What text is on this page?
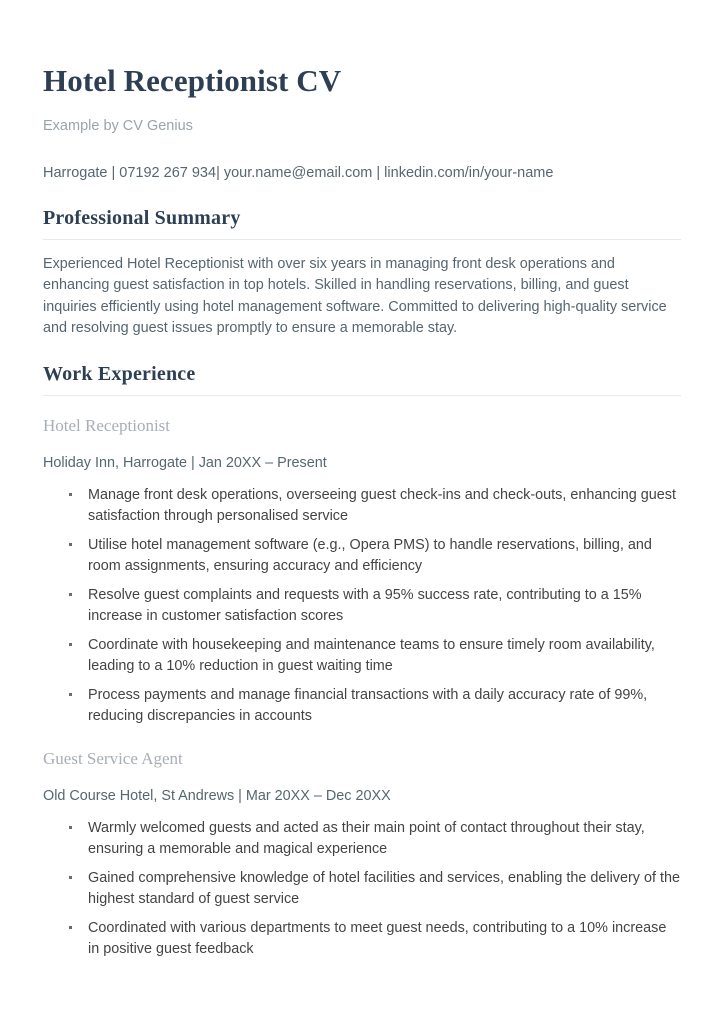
Hotel Receptionist CV
Example by CV Genius
Harrogate | 07192 267 934| your.name@email.com | linkedin.com/in/your-name
Professional Summary

Experienced Hotel Receptionist with over six years in managing front desk operations and enhancing guest satisfaction in top hotels. Skilled in handling reservations, billing, and guest inquiries efficiently using hotel management software. Committed to delivering high-quality service and resolving guest issues promptly to ensure a memorable stay.

Work Experience
Hotel Receptionist
Holiday Inn, Harrogate | Jan 20XX – Present
Manage front desk operations, overseeing guest check-ins and check-outs, enhancing guest satisfaction through personalised service
Utilise hotel management software (e.g., Opera PMS) to handle reservations, billing, and room assignments, ensuring accuracy and efficiency
Resolve guest complaints and requests with a 95% success rate, contributing to a 15% increase in customer satisfaction scores
Coordinate with housekeeping and maintenance teams to ensure timely room availability, leading to a 10% reduction in guest waiting time
Process payments and manage financial transactions with a daily accuracy rate of 99%, reducing discrepancies in accounts
Guest Service Agent
Old Course Hotel, St Andrews | Mar 20XX – Dec 20XX
Warmly welcomed guests and acted as their main point of contact throughout their stay, ensuring a memorable and magical experience
Gained comprehensive knowledge of hotel facilities and services, enabling the delivery of the highest standard of guest service
Coordinated with various departments to meet guest needs, contributing to a 10% increase in positive guest feedback
